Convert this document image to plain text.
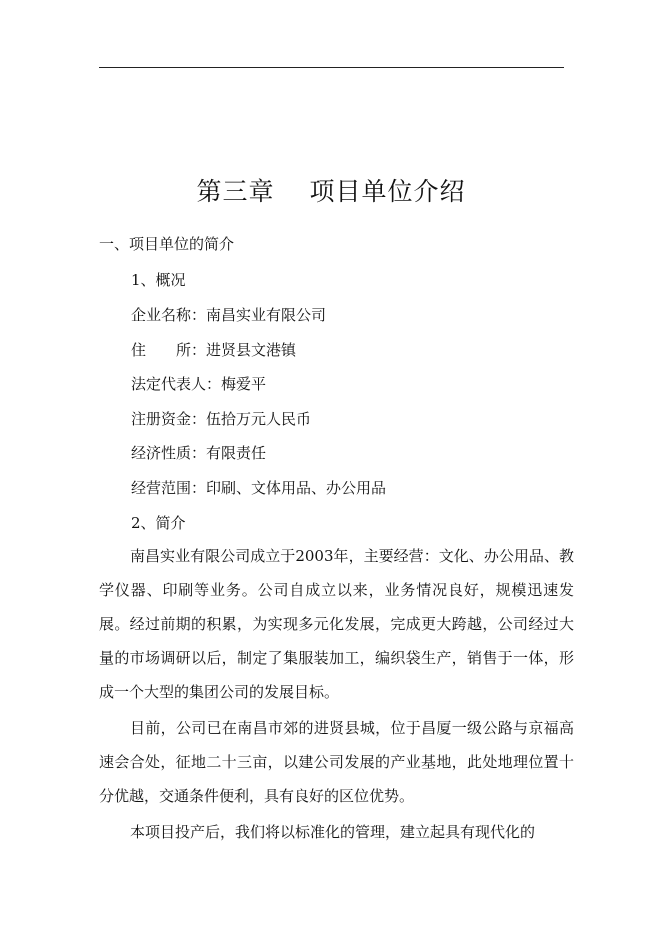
第三章　 项目单位介绍
一、项目单位的简介
1、概况
企业名称：南昌实业有限公司
住　　所：进贤县文港镇
法定代表人：梅爱平
注册资金：伍拾万元人民币
经济性质：有限责任
经营范围：印刷、文体用品、办公用品
2、简介
南昌实业有限公司成立于2003年，主要经营：文化、办公用品、教学仪器、印刷等业务。公司自成立以来，业务情况良好，规模迅速发展。经过前期的积累，为实现多元化发展，完成更大跨越，公司经过大量的市场调研以后，制定了集服装加工，编织袋生产，销售于一体，形成一个大型的集团公司的发展目标。
目前，公司已在南昌市郊的进贤县城，位于昌厦一级公路与京福高速会合处，征地二十三亩，以建公司发展的产业基地，此处地理位置十分优越，交通条件便利，具有良好的区位优势。
本项目投产后，我们将以标准化的管理，建立起具有现代化的
